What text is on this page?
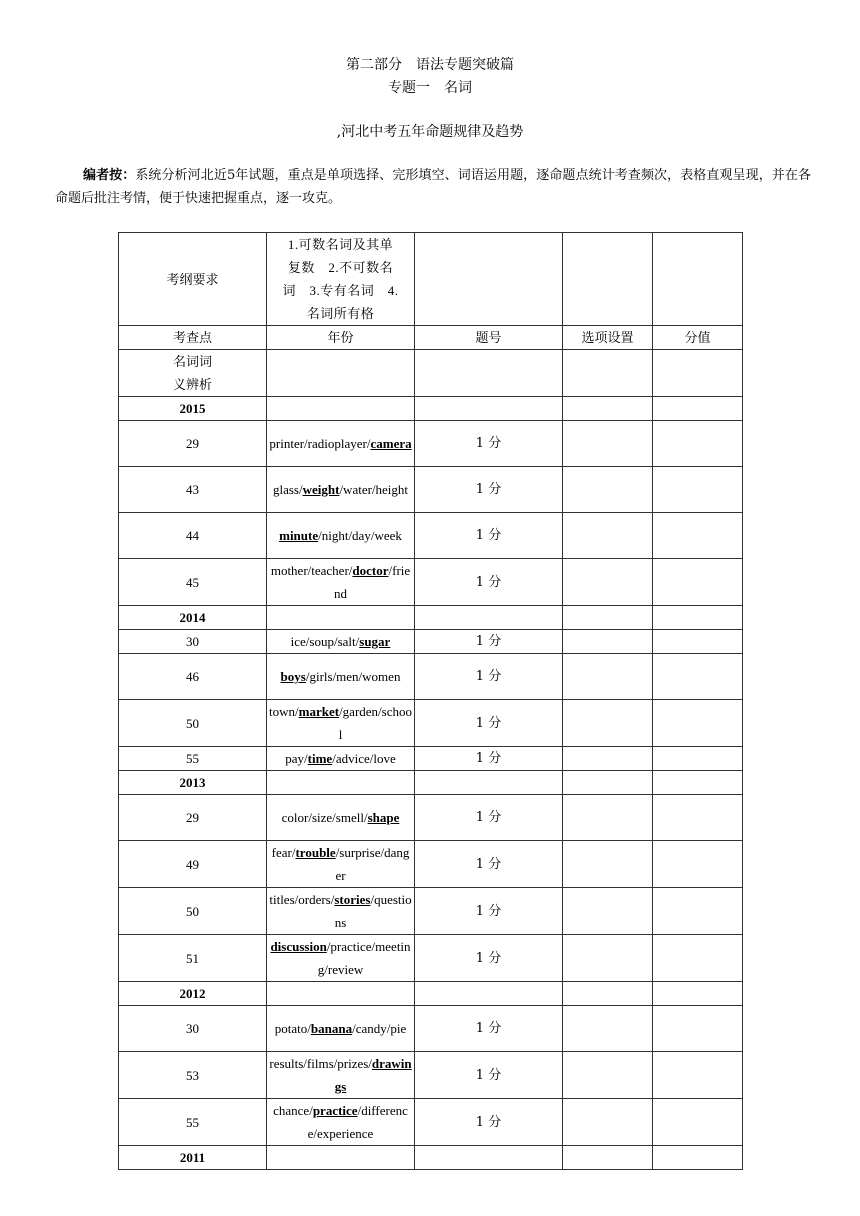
第二部分　语法专题突破篇
专题一　名词
,河北中考五年命题规律及趋势
编者按：系统分析河北近5年试题，重点是单项选择、完形填空、词语运用题，逐命题点统计考查频次，表格直观呈现，并在各命题后批注考情，便于快速把握重点，逐一攻克。
考纲要求	1.可数名词及其单
复数　2.不可数名
词　3.专有名词　4.
名词所有格			

考查点	年份	题号	选项设置	分值

名词词
义辨析				

2015				
29	printer/radioplayer/camera	1 分		
43	glass/weight/water/height	1 分		
44	minute/night/day/week	1 分		
45	mother/teacher/doctor/friend	1 分		
2014				
30	ice/soup/salt/sugar	1 分		
46	boys/girls/men/women	1 分		
50	town/market/garden/school	1 分		
55	pay/time/advice/love	1 分		
2013				
29	color/size/smell/shape	1 分		
49	fear/trouble/surprise/danger	1 分		
50	titles/orders/stories/questions	1 分		
51	discussion/practice/meeting/review	1 分		
2012				
30	potato/banana/candy/pie	1 分		
53	results/films/prizes/drawings	1 分		
55	chance/practice/difference/experience	1 分		
2011				
